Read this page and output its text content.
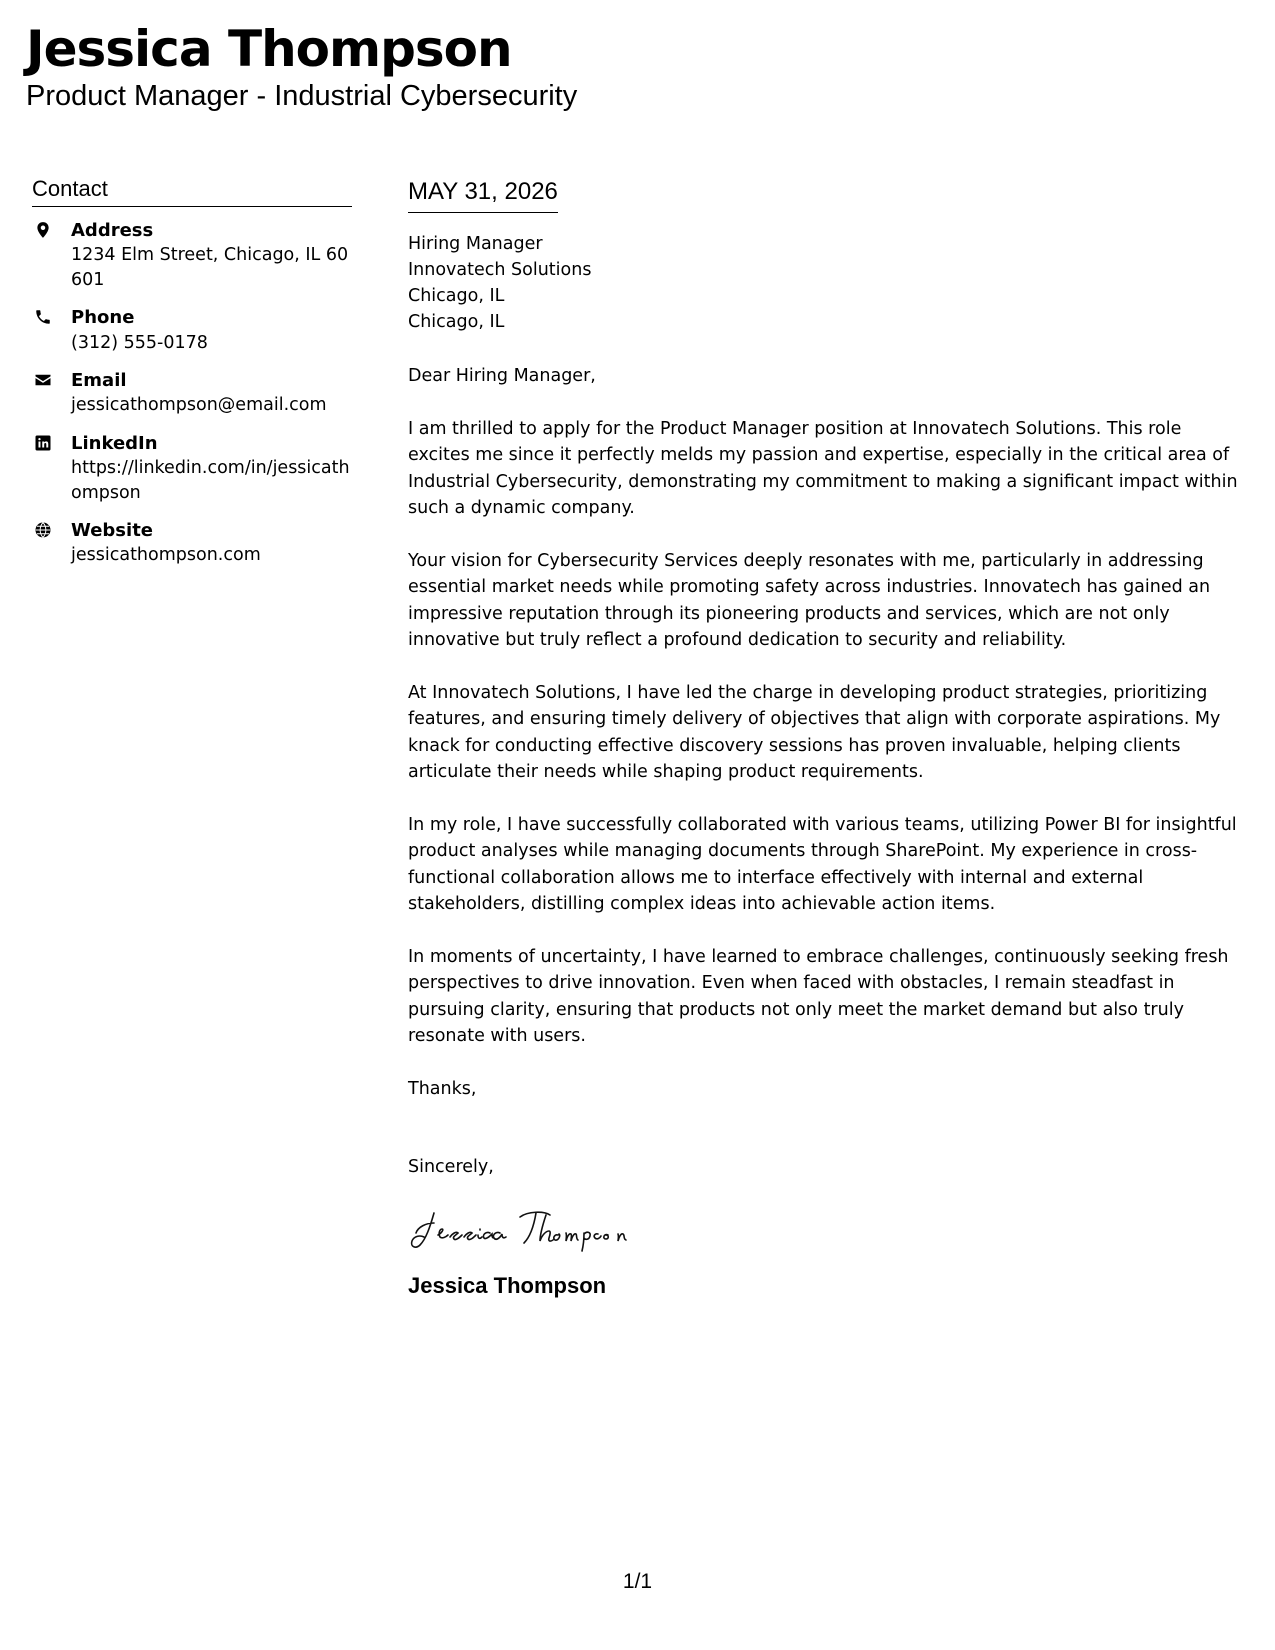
Jessica Thompson
Product Manager - Industrial Cybersecurity
Contact
Address
1234 Elm Street, Chicago, IL 60601
Phone
(312) 555-0178
Email
jessicathompson@email.com
LinkedIn
https://linkedin.com/in/jessicathompson
Website
jessicathompson.com
MAY 31, 2026
Hiring Manager
Innovatech Solutions
Chicago, IL
Chicago, IL

Dear Hiring Manager,

I am thrilled to apply for the Product Manager position at Innovatech Solutions. This role excites me since it perfectly melds my passion and expertise, especially in the critical area of Industrial Cybersecurity, demonstrating my commitment to making a significant impact within such a dynamic company.

Your vision for Cybersecurity Services deeply resonates with me, particularly in addressing essential market needs while promoting safety across industries. Innovatech has gained an impressive reputation through its pioneering products and services, which are not only innovative but truly reflect a profound dedication to security and reliability.

At Innovatech Solutions, I have led the charge in developing product strategies, prioritizing features, and ensuring timely delivery of objectives that align with corporate aspirations. My knack for conducting effective discovery sessions has proven invaluable, helping clients articulate their needs while shaping product requirements.

In my role, I have successfully collaborated with various teams, utilizing Power BI for insightful product analyses while managing documents through SharePoint. My experience in cross-functional collaboration allows me to interface effectively with internal and external stakeholders, distilling complex ideas into achievable action items.

In moments of uncertainty, I have learned to embrace challenges, continuously seeking fresh perspectives to drive innovation. Even when faced with obstacles, I remain steadfast in pursuing clarity, ensuring that products not only meet the market demand but also truly resonate with users.

Thanks,

Sincerely,

Jessica Thompson
1/1
